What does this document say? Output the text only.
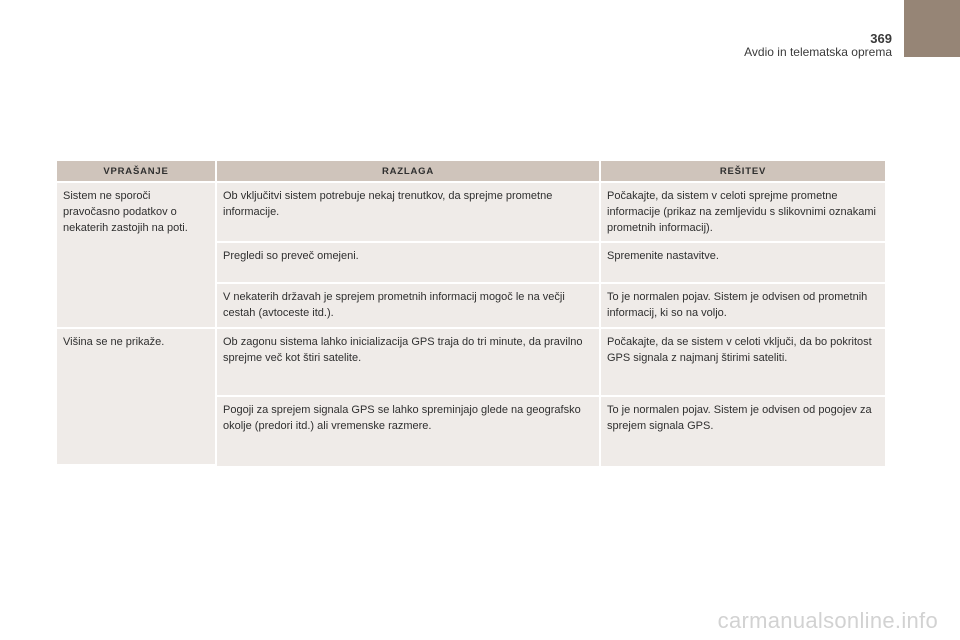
369
Avdio in telematska oprema
VPRAŠANJE	RAZLAGA	REŠITEV
Sistem ne sporoči pravočasno podatkov o nekaterih zastojih na poti.	Ob vključitvi sistem potrebuje nekaj trenutkov, da sprejme prometne informacije.	Počakajte, da sistem v celoti sprejme prometne informacije (prikaz na zemljevidu s slikovnimi oznakami prometnih informacij).
	Pregledi so preveč omejeni.	Spremenite nastavitve.
	V nekaterih državah je sprejem prometnih informacij mogoč le na večji cestah (avtoceste itd.).	To je normalen pojav. Sistem je odvisen od prometnih informacij, ki so na voljo.
Višina se ne prikaže.	Ob zagonu sistema lahko inicializacija GPS traja do tri minute, da pravilno sprejme več kot štiri satelite.	Počakajte, da se sistem v celoti vključi, da bo pokritost GPS signala z najmanj štirimi sateliti.
	Pogoji za sprejem signala GPS se lahko spreminjajo glede na geografsko okolje (predori itd.) ali vremenske razmere.	To je normalen pojav. Sistem je odvisen od pogojev za sprejem signala GPS.
carmanualsonline.info
